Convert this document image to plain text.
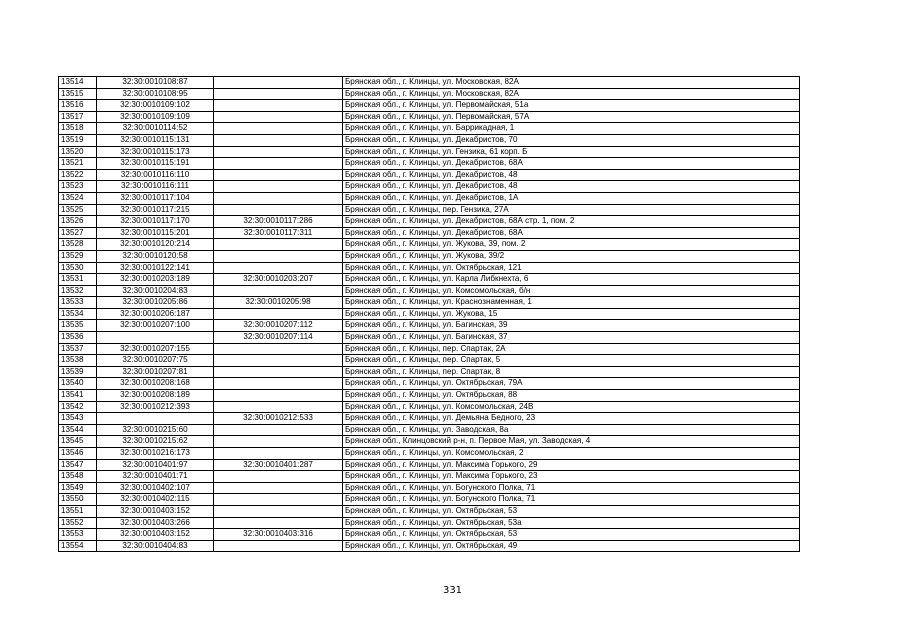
13514	32:30:0010108:87		Брянская обл., г. Клинцы, ул. Московская, 82А
13515	32:30:0010108:95		Брянская обл., г. Клинцы, ул. Московская, 82А
13516	32:30:0010109:102		Брянская обл., г. Клинцы, ул. Первомайская, 51а
13517	32:30:0010109:109		Брянская обл., г. Клинцы, ул. Первомайская, 57А
13518	32:30:0010114:52		Брянская обл., г. Клинцы, ул. Баррикадная, 1
13519	32:30:0010115:131		Брянская обл., г. Клинцы, ул. Декабристов, 70
13520	32:30:0010115:173		Брянская обл., г. Клинцы, ул. Гензика, 61 корп. Б
13521	32:30:0010115:191		Брянская обл., г. Клинцы, ул. Декабристов, 68А
13522	32:30:0010116:110		Брянская обл., г. Клинцы, ул. Декабристов, 48
13523	32:30:0010116:111		Брянская обл., г. Клинцы, ул. Декабристов, 48
13524	32:30:0010117:104		Брянская обл., г. Клинцы, ул. Декабристов, 1А
13525	32:30:0010117:215		Брянская обл., г. Клинцы, пер. Гензика, 27А
13526	32:30:0010117:170	32:30:0010117:286	Брянская обл., г. Клинцы, ул. Декабристов, 68А стр. 1, пом. 2
13527	32:30:0010115:201	32:30:0010117:311	Брянская обл., г. Клинцы, ул. Декабристов, 68А
13528	32:30:0010120:214		Брянская обл., г. Клинцы, ул. Жукова, 39, пом. 2
13529	32:30:0010120:58		Брянская обл., г. Клинцы, ул. Жукова, 39/2
13530	32:30:0010122:141		Брянская обл., г. Клинцы, ул. Октябрьская, 121
13531	32:30:0010203:189	32:30:0010203:207	Брянская обл., г. Клинцы, ул. Карла Либкнехта, 6
13532	32:30:0010204:83		Брянская обл., г. Клинцы, ул. Комсомольская, б/н
13533	32:30:0010205:86	32:30:0010205:98	Брянская обл., г. Клинцы, ул. Краснознаменная, 1
13534	32:30:0010206:187		Брянская обл., г. Клинцы, ул. Жукова, 15
13535	32:30:0010207:100	32:30:0010207:112	Брянская обл., г. Клинцы, ул. Багинская, 39
13536		32:30:0010207:114	Брянская обл., г. Клинцы, ул. Багинская, 37
13537	32:30:0010207:155		Брянская обл., г. Клинцы, пер. Спартак, 2А
13538	32:30:0010207:75		Брянская обл., г. Клинцы, пер. Спартак, 5
13539	32:30:0010207:81		Брянская обл., г. Клинцы, пер. Спартак, 8
13540	32:30:0010208:168		Брянская обл., г. Клинцы, ул. Октябрьская, 79А
13541	32:30:0010208:189		Брянская обл., г. Клинцы, ул. Октябрьская, 88
13542	32:30:0010212:393		Брянская обл., г. Клинцы, ул. Комсомольская, 24В
13543		32:30:0010212:533	Брянская обл., г. Клинцы, ул. Демьяна Бедного, 23
13544	32:30:0010215:60		Брянская обл., г. Клинцы, ул. Заводская, 8а
13545	32:30:0010215:62		Брянская обл., Клинцовский р-н, п. Первое Мая, ул. Заводская, 4
13546	32:30:0010216:173		Брянская обл., г. Клинцы, ул. Комсомольская, 2
13547	32:30:0010401:97	32:30:0010401:287	Брянская обл., г. Клинцы, ул. Максима Горького, 29
13548	32:30:0010401:71		Брянская обл., г. Клинцы, ул. Максима Горького, 23
13549	32:30:0010402:107		Брянская обл., г. Клинцы, ул. Богунского Полка, 71
13550	32:30:0010402:115		Брянская обл., г. Клинцы, ул. Богунского Полка, 71
13551	32:30:0010403:152		Брянская обл., г. Клинцы, ул. Октябрьская, 53
13552	32:30:0010403:266		Брянская обл., г. Клинцы, ул. Октябрьская, 53а
13553	32:30:0010403:152	32:30:0010403:316	Брянская обл., г. Клинцы, ул. Октябрьская, 53
13554	32:30:0010404:83		Брянская обл., г. Клинцы, ул. Октябрьская, 49
331
